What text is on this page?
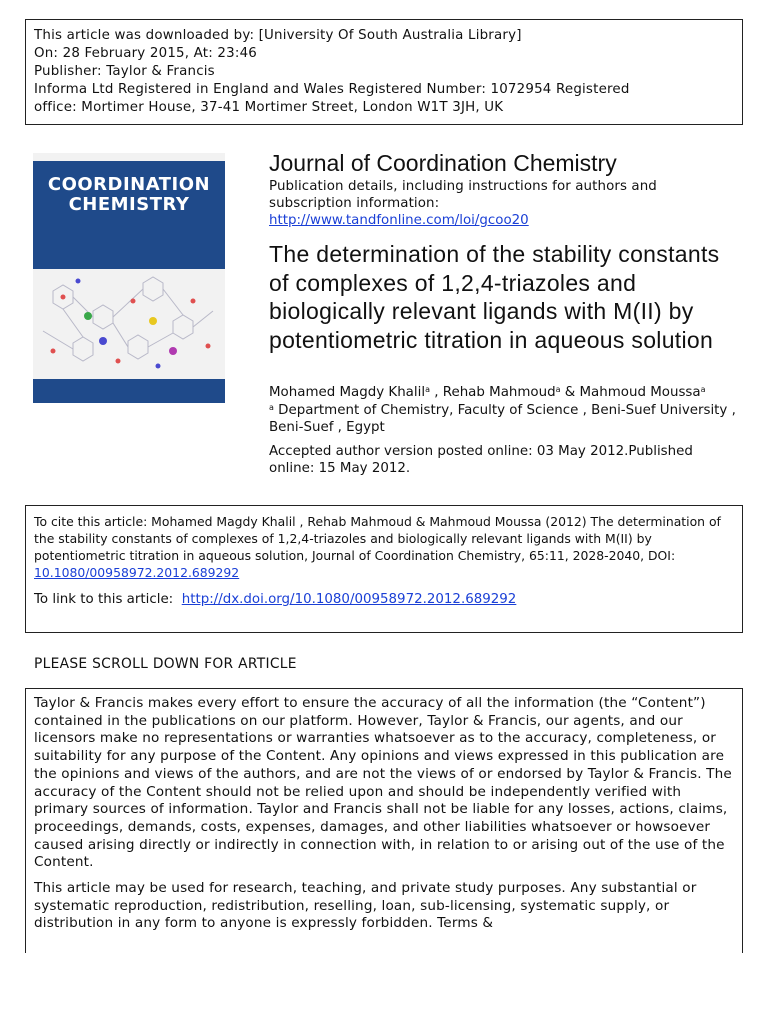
This article was downloaded by: [University Of South Australia Library]
On: 28 February 2015, At: 23:46
Publisher: Taylor & Francis
Informa Ltd Registered in England and Wales Registered Number: 1072954 Registered
office: Mortimer House, 37-41 Mortimer Street, London W1T 3JH, UK
COORDINATION
CHEMISTRY
Journal of Coordination Chemistry
Publication details, including instructions for authors and subscription information:
http://www.tandfonline.com/loi/gcoo20
The determination of the stability constants of complexes of 1,2,4-triazoles and biologically relevant ligands with M(II) by potentiometric titration in aqueous solution
Mohamed Magdy Khalil$^a$ , Rehab Mahmoud$^a$ & Mahmoud Moussa$^a$
$^a$ Department of Chemistry, Faculty of Science , Beni-Suef University , Beni-Suef , Egypt
Accepted author version posted online: 03 May 2012.Published online: 15 May 2012.
To cite this article: Mohamed Magdy Khalil , Rehab Mahmoud & Mahmoud Moussa (2012) The determination of the stability constants of complexes of 1,2,4-triazoles and biologically relevant ligands with M(II) by potentiometric titration in aqueous solution, Journal of Coordination Chemistry, 65:11, 2028-2040, DOI: 10.1080/00958972.2012.689292
To link to this article: http://dx.doi.org/10.1080/00958972.2012.689292
PLEASE SCROLL DOWN FOR ARTICLE

Taylor & Francis makes every effort to ensure the accuracy of all the information (the “Content”) contained in the publications on our platform. However, Taylor & Francis, our agents, and our licensors make no representations or warranties whatsoever as to the accuracy, completeness, or suitability for any purpose of the Content. Any opinions and views expressed in this publication are the opinions and views of the authors, and are not the views of or endorsed by Taylor & Francis. The accuracy of the Content should not be relied upon and should be independently verified with primary sources of information. Taylor and Francis shall not be liable for any losses, actions, claims, proceedings, demands, costs, expenses, damages, and other liabilities whatsoever or howsoever caused arising directly or indirectly in connection with, in relation to or arising out of the use of the Content.

This article may be used for research, teaching, and private study purposes. Any substantial or systematic reproduction, redistribution, reselling, loan, sub-licensing, systematic supply, or distribution in any form to anyone is expressly forbidden. Terms &
